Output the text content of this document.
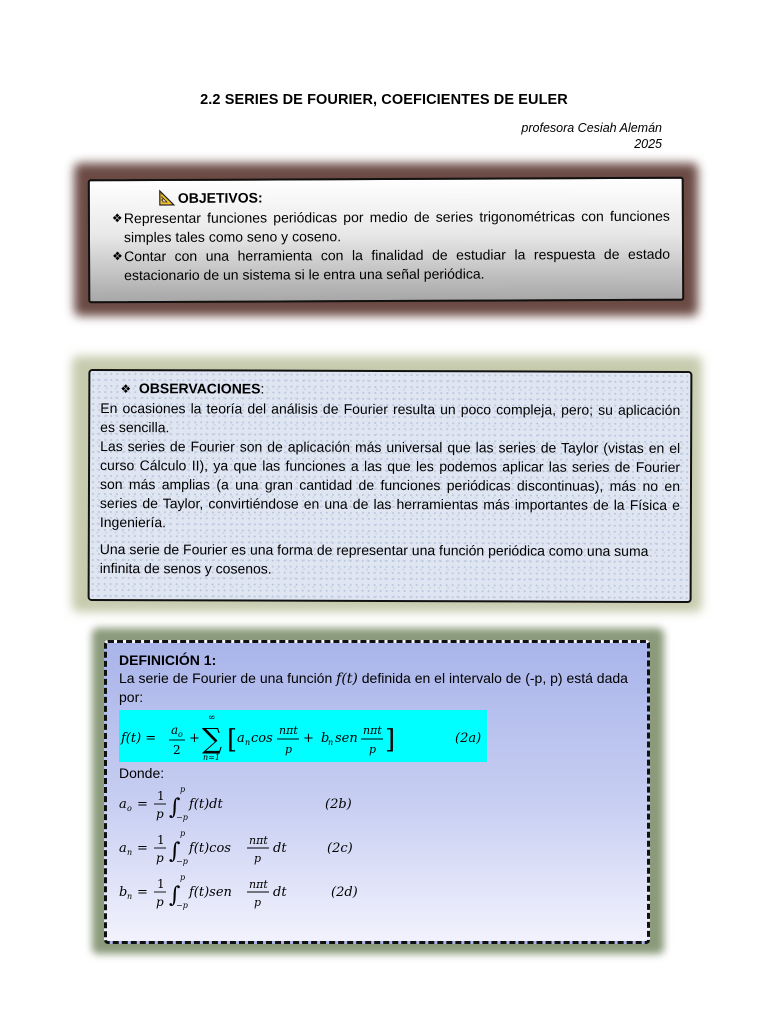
2.2 SERIES DE FOURIER, COEFICIENTES DE EULER
profesora Cesiah Alemán
2025
OBJETIVOS:
❖ Representar funciones periódicas por medio de series trigonométricas con funciones simples tales como seno y coseno.
❖ Contar con una herramienta con la finalidad de estudiar la respuesta de estado estacionario de un sistema si le entra una señal periódica.
❖ OBSERVACIONES:

En ocasiones la teoría del análisis de Fourier resulta un poco compleja, pero; su aplicación es sencilla.

Las series de Fourier son de aplicación más universal que las series de Taylor (vistas en el curso Cálculo II), ya que las funciones a las que les podemos aplicar las series de Fourier son más amplias (a una gran cantidad de funciones periódicas discontinuas), más no en series de Taylor, convirtiéndose en una de las herramientas más importantes de la Física e Ingeniería.

Una serie de Fourier es una forma de representar una función periódica como una suma infinita de senos y cosenos.

DEFINICIÓN 1:
La serie de Fourier de una función f(t) definida en el intervalo de (-p, p) está dada por:
f(t) =
a o
2
+ ∑
∞
n=1
[ a n cos
nπt
p
+ b
n sen
nπt
p ]	(2a)
Donde:
a o =
1
p ∫
p
−p
f(t)dt	(2b)
a n =
1
p ∫
p
−p
f(t)cos
nπt
p
dt	(2c)
b n =
1
p ∫
p
−p
f(t)sen
nπt
p
dt	(2d)
